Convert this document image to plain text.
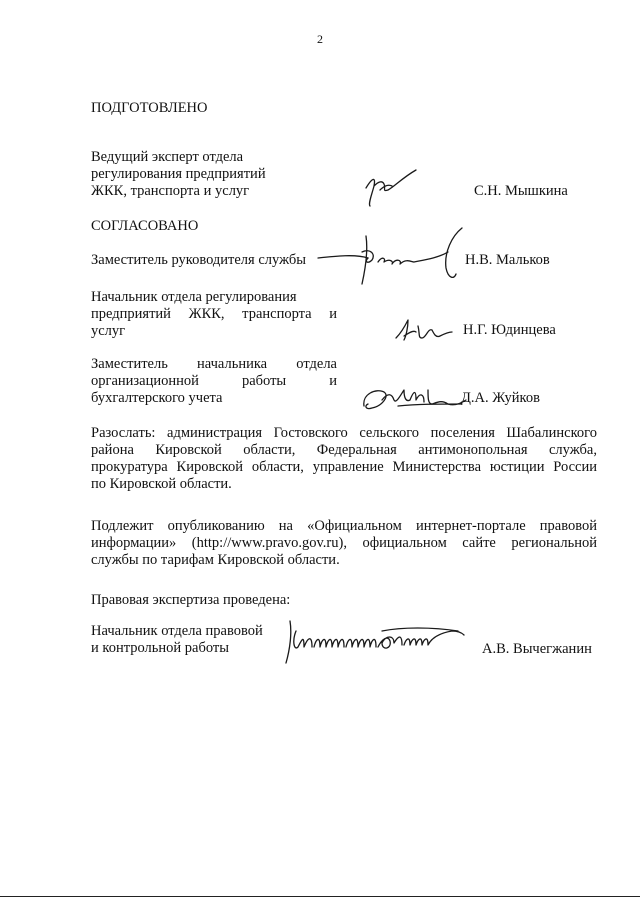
2
ПОДГОТОВЛЕНО
Ведущий эксперт отдела
регулирования предприятий
ЖКК, транспорта и услуг	С.Н. Мышкина
СОГЛАСОВАНО
Заместитель руководителя службы	Н.В. Мальков
Начальник отдела регулирования
предприятий ЖКК, транспорта и
услуг	Н.Г. Юдинцева
Заместитель начальника отдела
организационной работы и
бухгалтерского учета	Д.А. Жуйков
Разослать: администрация Гостовского сельского поселения Шабалинского
района Кировской области, Федеральная антимонопольная служба,
прокуратура Кировской области, управление Министерства юстиции России
по Кировской области.
Подлежит опубликованию на «Официальном интернет-портале правовой
информации» (http://www.pravo.gov.ru), официальном сайте региональной
службы по тарифам Кировской области.
Правовая экспертиза проведена:
Начальник отдела правовой
и контрольной работы	А.В. Вычегжанин
